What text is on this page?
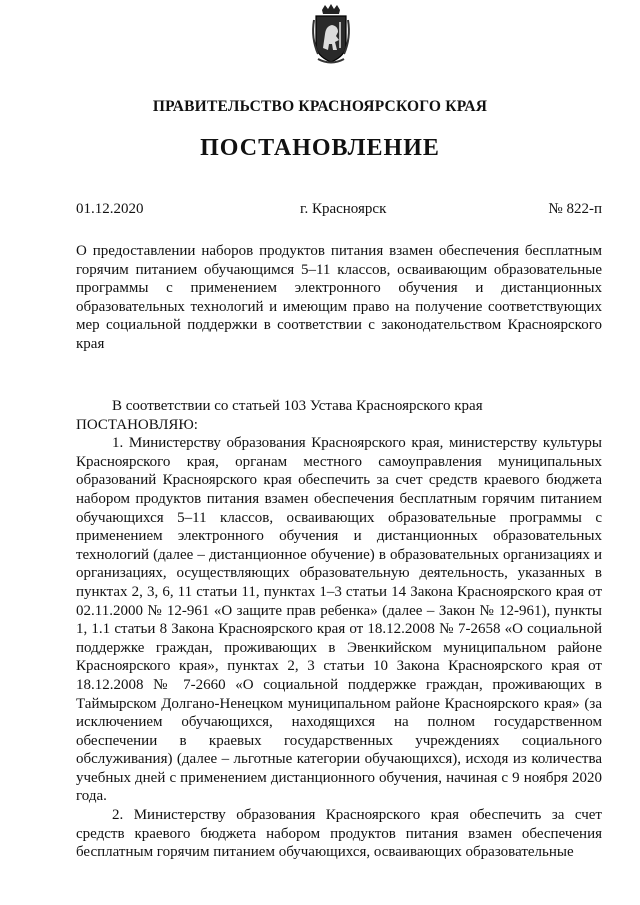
ПРАВИТЕЛЬСТВО КРАСНОЯРСКОГО КРАЯ
ПОСТАНОВЛЕНИЕ
01.12.2020	г. Красноярск	№ 822-п
О предоставлении наборов продуктов питания взамен обеспечения бесплатным горячим питанием обучающимся 5–11 классов, осваивающим образовательные программы с применением электронного обучения и дистанционных образовательных технологий и имеющим право на получение соответствующих мер социальной поддержки в соответствии с законодательством Красноярского края

В соответствии со статьей 103 Устава Красноярского края

ПОСТАНОВЛЯЮ:

1. Министерству образования Красноярского края, министерству культуры Красноярского края, органам местного самоуправления муниципальных образований Красноярского края обеспечить за счет средств краевого бюджета набором продуктов питания взамен обеспечения бесплатным горячим питанием обучающихся 5–11 классов, осваивающих образовательные программы с применением электронного обучения и дистанционных образовательных технологий (далее – дистанционное обучение) в образовательных организациях и организациях, осуществляющих образовательную деятельность, указанных в пунктах 2, 3, 6, 11 статьи 11, пунктах 1–3 статьи 14 Закона Красноярского края от 02.11.2000 № 12-961 «О защите прав ребенка» (далее – Закон № 12-961), пункты 1, 1.1 статьи 8 Закона Красноярского края от 18.12.2008 № 7-2658 «О социальной поддержке граждан, проживающих в Эвенкийском муниципальном районе Красноярского края», пунктах 2, 3 статьи 10 Закона Красноярского края от 18.12.2008 № 7-2660 «О социальной поддержке граждан, проживающих в Таймырском Долгано-Ненецком муниципальном районе Красноярского края» (за исключением обучающихся, находящихся на полном государственном обеспечении в краевых государственных учреждениях социального обслуживания) (далее – льготные категории обучающихся), исходя из количества учебных дней с применением дистанционного обучения, начиная с 9 ноября 2020 года.

2. Министерству образования Красноярского края обеспечить за счет средств краевого бюджета набором продуктов питания взамен обеспечения бесплатным горячим питанием обучающихся, осваивающих образовательные
